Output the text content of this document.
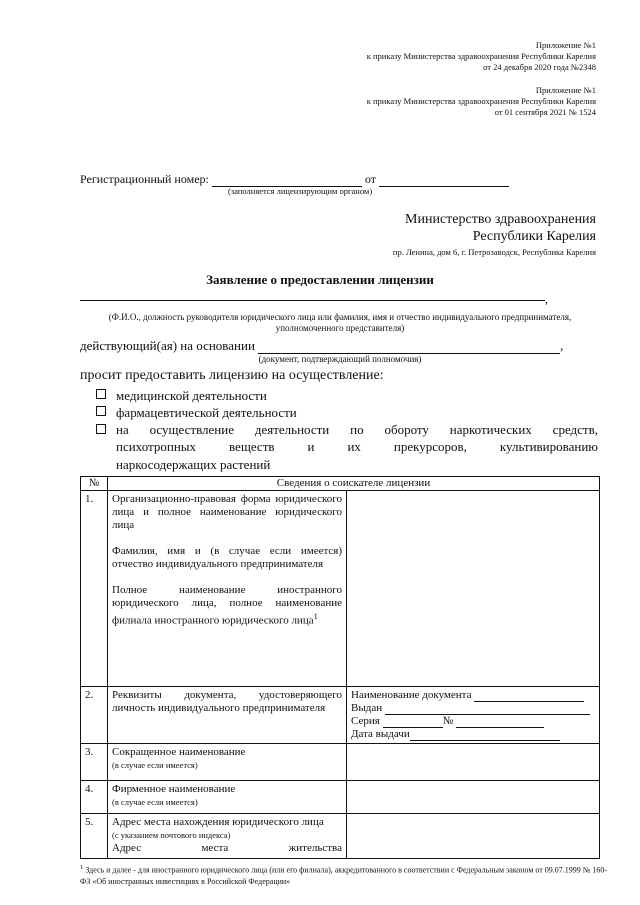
Приложение №1
к приказу Министерства здравоохранения Республики Карелия
от 24 декабря 2020 года №2348
Приложение №1
к приказу Министерства здравоохранения Республики Карелия
от 01 сентября 2021 № 1524
Регистрационный номер:	от
(заполняется лицензирующим органом)
Министерство здравоохранения
Республики Карелия
пр. Ленина, дом 6, г. Петрозаводск, Республика Карелия
Заявление о предоставлении лицензии
,
(Ф.И.О., должность руководителя юридического лица или фамилия, имя и отчество индивидуального предпринимателя, уполномоченного представителя)
действующий(ая) на основании	,
(документ, подтверждающий полномочия)
просит предоставить лицензию на осуществление:
медицинской деятельности
фармацевтической деятельности
на осуществление деятельности по обороту наркотических средств,
психотропных веществ и их прекурсоров, культивированию
наркосодержащих растений
№	Сведения о соискателе лицензии	
1.	Организационно-правовая форма юридического лица и полное наименование юридического лица
Фамилия, имя и (в случае если имеется) отчество индивидуального предпринимателя
Полное наименование иностранного юридического лица, полное наименование филиала иностранного юридического лица$^1$

2.	Реквизиты документа, удостоверяющего личность индивидуального предпринимателя	Наименование документа
Выдан
Серия №
Дата выдачи

3.	Сокращенное наименование
(в случае если имеется)	

4.	Фирменное наименование
(в случае если имеется)	

5.	Адрес места нахождения юридического лица
(с указанием почтового индекса)
Адрес места жительства	

$^1$ Здесь и далее - для иностранного юридического лица (или его филиала), аккредитованного в соответствии с Федеральным законом от 09.07.1999 № 160-ФЗ «Об иностранных инвестициях в Российской Федерации»
